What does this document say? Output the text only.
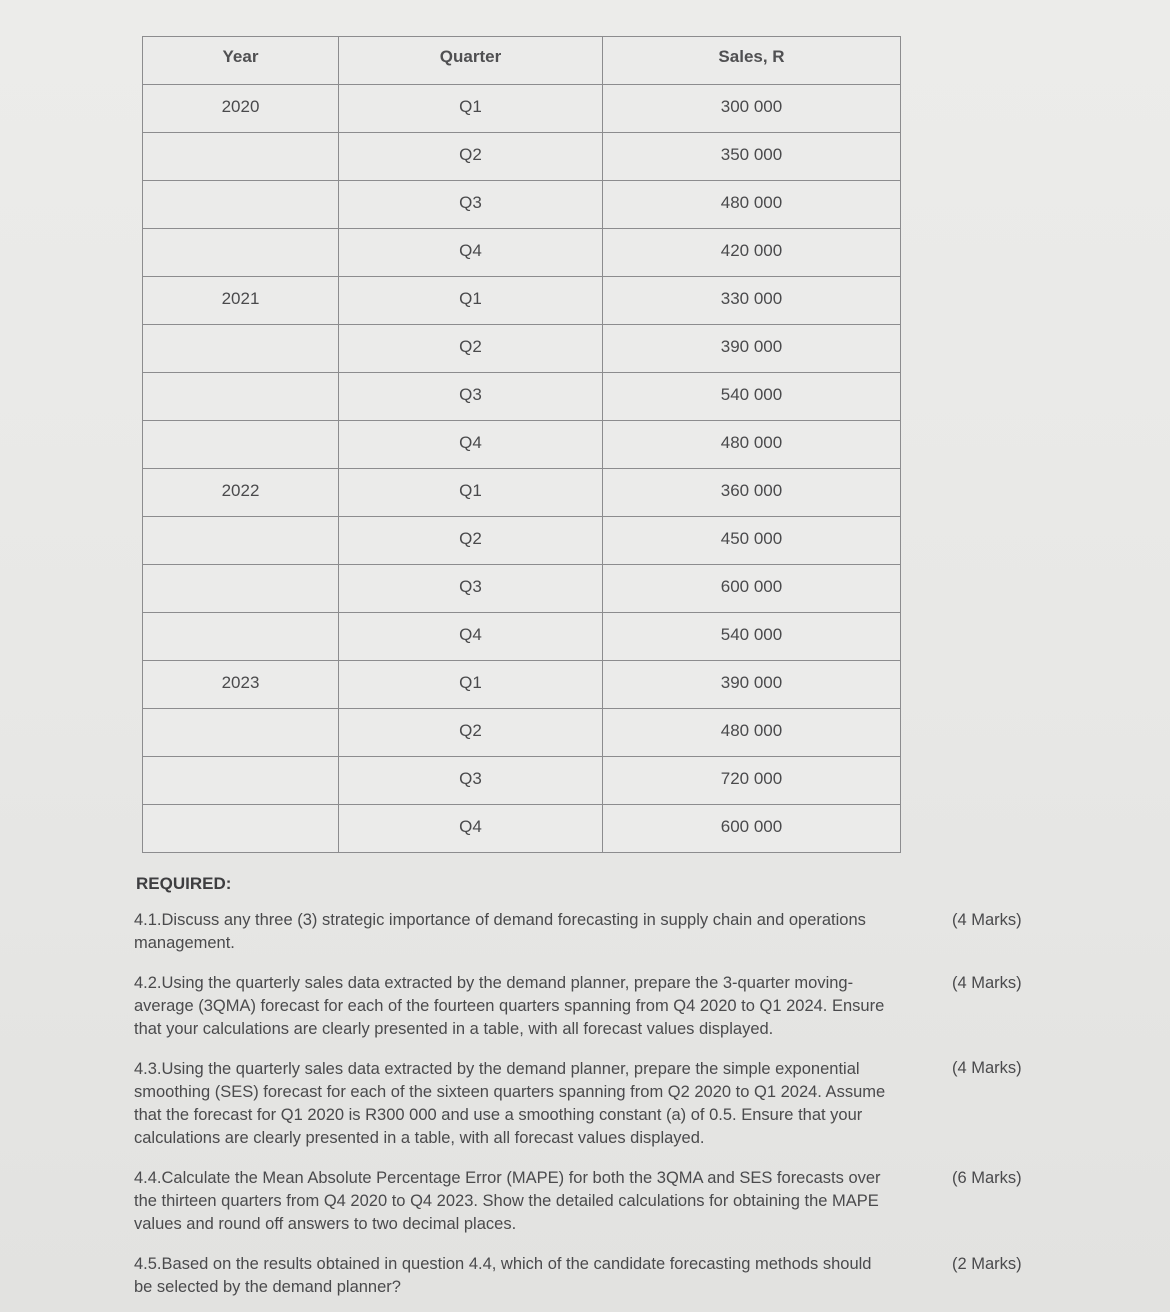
Year	Quarter	Sales, R
2020	Q1	300 000
	Q2	350 000
	Q3	480 000
	Q4	420 000
2021	Q1	330 000
	Q2	390 000
	Q3	540 000
	Q4	480 000
2022	Q1	360 000
	Q2	450 000
	Q3	600 000
	Q4	540 000
2023	Q1	390 000
	Q2	480 000
	Q3	720 000
	Q4	600 000
REQUIRED:
4.1.Discuss any three (3) strategic importance of demand forecasting in supply chain and operations management.
(4 Marks)
4.2.Using the quarterly sales data extracted by the demand planner, prepare the 3-quarter moving-average (3QMA) forecast for each of the fourteen quarters spanning from Q4 2020 to Q1 2024. Ensure that your calculations are clearly presented in a table, with all forecast values displayed.
(4 Marks)
4.3.Using the quarterly sales data extracted by the demand planner, prepare the simple exponential smoothing (SES) forecast for each of the sixteen quarters spanning from Q2 2020 to Q1 2024. Assume that the forecast for Q1 2020 is R300 000 and use a smoothing constant (a) of 0.5. Ensure that your calculations are clearly presented in a table, with all forecast values displayed.
(4 Marks)
4.4.Calculate the Mean Absolute Percentage Error (MAPE) for both the 3QMA and SES forecasts over the thirteen quarters from Q4 2020 to Q4 2023. Show the detailed calculations for obtaining the MAPE values and round off answers to two decimal places.
(6 Marks)
4.5.Based on the results obtained in question 4.4, which of the candidate forecasting methods should be selected by the demand planner?
(2 Marks)
